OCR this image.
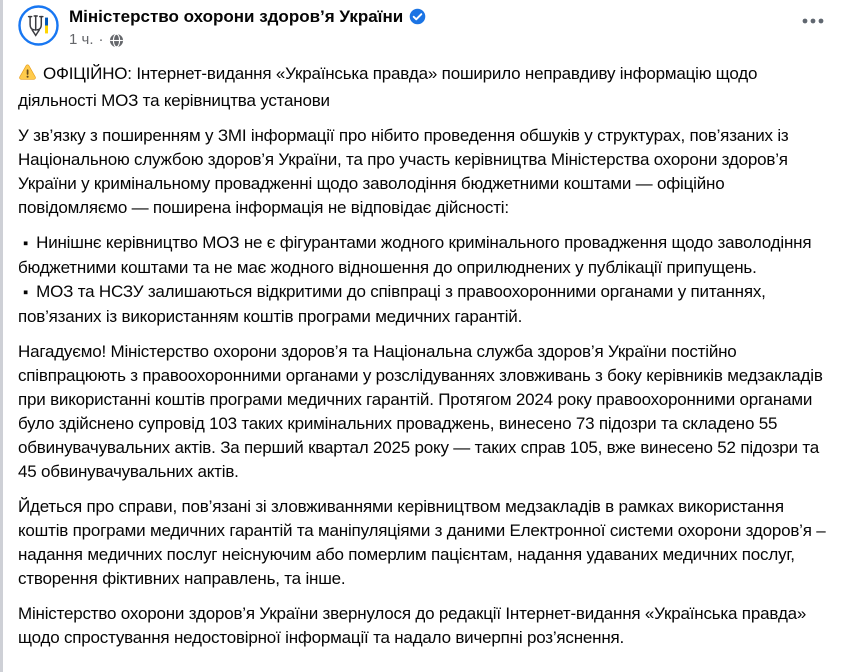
Міністерство охорони здоров’я України
1 ч. ·

ОФІЦІЙНО: Інтернет-видання «Українська правда» поширило неправдиву інформацію щодо діяльності МОЗ та керівництва установи

У зв’язку з поширенням у ЗМІ інформації про нібито проведення обшуків у структурах, пов’язаних із Національною службою здоров’я України, та про участь керівництва Міністерства охорони здоров’я України у кримінальному провадженні щодо заволодіння бюджетними коштами — офіційно повідомляємо — поширена інформація не відповідає дійсності:

▪ Нинішнє керівництво МОЗ не є фігурантами жодного кримінального провадження щодо заволодіння бюджетними коштами та не має жодного відношення до оприлюднених у публікації припущень.

▪ МОЗ та НСЗУ залишаються відкритими до співпраці з правоохоронними органами у питаннях, пов’язаних із використанням коштів програми медичних гарантій.

Нагадуємо! Міністерство охорони здоров’я та Національна служба здоров’я України постійно співпрацюють з правоохоронними органами у розслідуваннях зловживань з боку керівників медзакладів при використанні коштів програми медичних гарантій. Протягом 2024 року правоохоронними органами було здійснено супровід 103 таких кримінальних проваджень, винесено 73 підозри та складено 55 обвинувачувальних актів. За перший квартал 2025 року — таких справ 105, вже винесено 52 підозри та 45 обвинувачувальних актів.

Йдеться про справи, пов’язані зі зловживаннями керівництвом медзакладів в рамках використання коштів програми медичних гарантій та маніпуляціями з даними Електронної системи охорони здоров’я – надання медичних послуг неіснуючим або померлим пацієнтам, надання удаваних медичних послуг, створення фіктивних направлень, та інше.

Міністерство охорони здоров’я України звернулося до редакції Інтернет-видання «Українська правда» щодо спростування недостовірної інформації та надало вичерпні роз’яснення.
